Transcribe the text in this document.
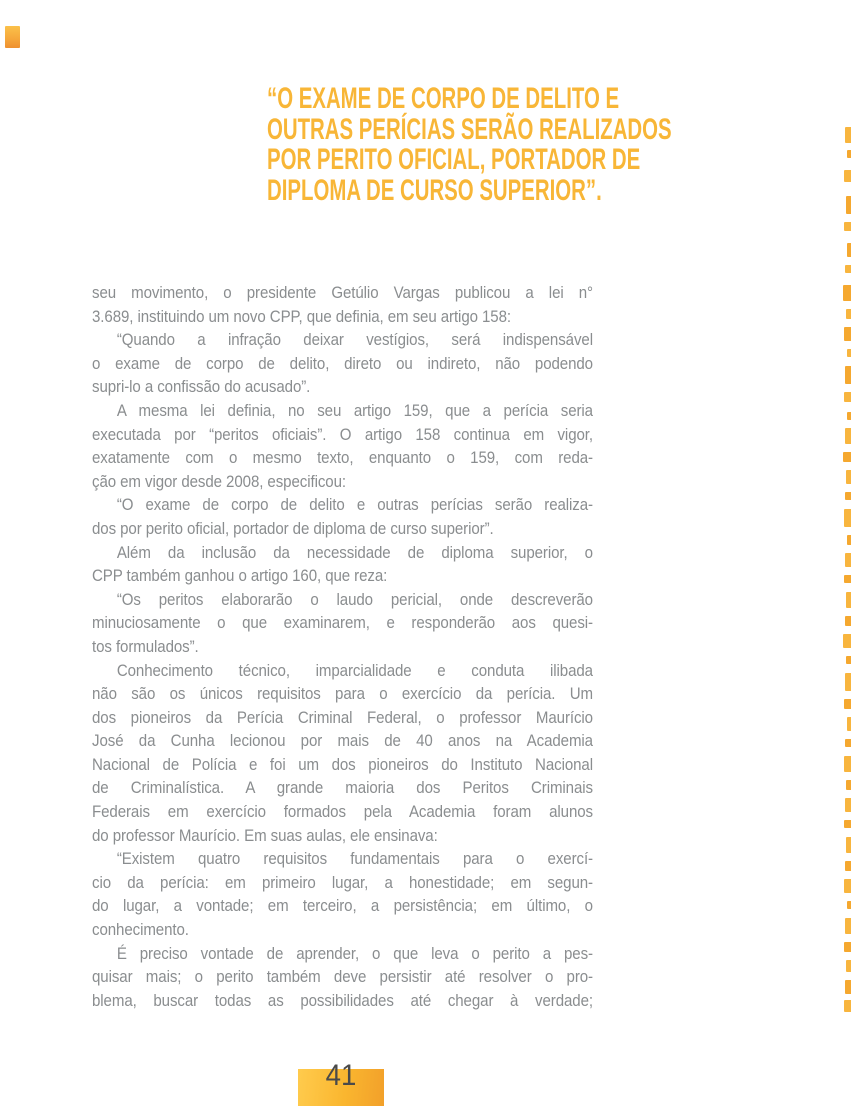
“O EXAME DE CORPO DE DELITO E
OUTRAS PERÍCIAS SERÃO REALIZADOS
POR PERITO OFICIAL, PORTADOR DE
DIPLOMA DE CURSO SUPERIOR”.
seu movimento, o presidente Getúlio Vargas publicou a lei n°
3.689, instituindo um novo CPP, que definia, em seu artigo 158:
“Quando a infração deixar vestígios, será indispensável
o exame de corpo de delito, direto ou indireto, não podendo
supri-lo a confissão do acusado”.
A mesma lei definia, no seu artigo 159, que a perícia seria
executada por “peritos oficiais”. O artigo 158 continua em vigor,
exatamente com o mesmo texto, enquanto o 159, com reda-
ção em vigor desde 2008, especificou:
“O exame de corpo de delito e outras perícias serão realiza-
dos por perito oficial, portador de diploma de curso superior”.
Além da inclusão da necessidade de diploma superior, o
CPP também ganhou o artigo 160, que reza:
“Os peritos elaborarão o laudo pericial, onde descreverão
minuciosamente o que examinarem, e responderão aos quesi-
tos formulados”.
Conhecimento técnico, imparcialidade e conduta ilibada
não são os únicos requisitos para o exercício da perícia. Um
dos pioneiros da Perícia Criminal Federal, o professor Maurício
José da Cunha lecionou por mais de 40 anos na Academia
Nacional de Polícia e foi um dos pioneiros do Instituto Nacional
de Criminalística. A grande maioria dos Peritos Criminais
Federais em exercício formados pela Academia foram alunos
do professor Maurício. Em suas aulas, ele ensinava:
“Existem quatro requisitos fundamentais para o exercí-
cio da perícia: em primeiro lugar, a honestidade; em segun-
do lugar, a vontade; em terceiro, a persistência; em último, o
conhecimento.
É preciso vontade de aprender, o que leva o perito a pes-
quisar mais; o perito também deve persistir até resolver o pro-
blema, buscar todas as possibilidades até chegar à verdade;
41
